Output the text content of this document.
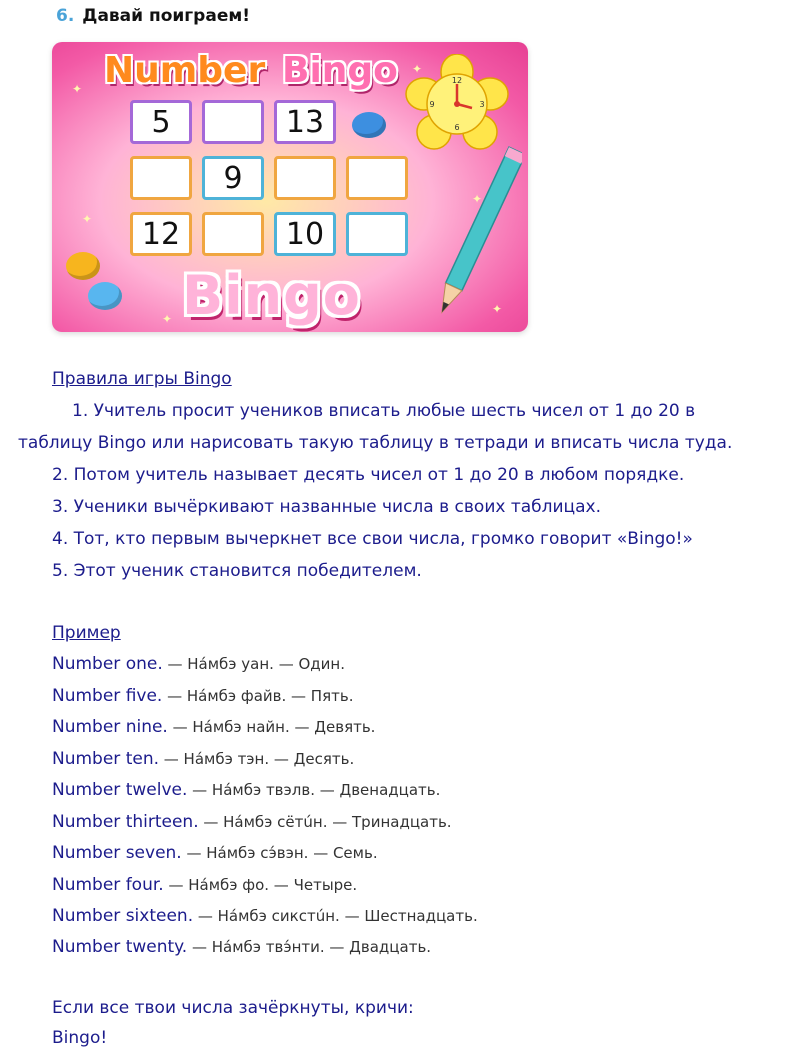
6. Давай поиграем!
✦
✦
✦
✦
✦
✦
Number Bingo	12
3
6
9
5	13
9
12	10
Bingo
Правила игры Bingo
1. Учитель просит учеников вписать любые шесть чисел от 1 до 20 в
таблицу Bingo или нарисовать такую таблицу в тетради и вписать числа туда.
2. Потом учитель называет десять чисел от 1 до 20 в любом порядке.
3. Ученики вычёркивают названные числа в своих таблицах.
4. Тот, кто первым вычеркнет все свои числа, громко говорит «Bingo!»
5. Этот ученик становится победителем.
Пример
Number one. — На́мбэ уан. — Один.
Number five. — На́мбэ файв. — Пять.
Number nine. — На́мбэ найн. — Девять.
Number ten. — На́мбэ тэн. — Десять.
Number twelve. — На́мбэ твэлв. — Двенадцать.
Number thirteen. — На́мбэ сётúн. — Тринадцать.
Number seven. — На́мбэ сэ́вэн. — Семь.
Number four. — На́мбэ фо. — Четыре.
Number sixteen. — На́мбэ сикстúн. — Шестнадцать.
Number twenty. — На́мбэ твэ́нти. — Двадцать.
Если все твои числа зачёркнуты, кричи:
Bingo!
